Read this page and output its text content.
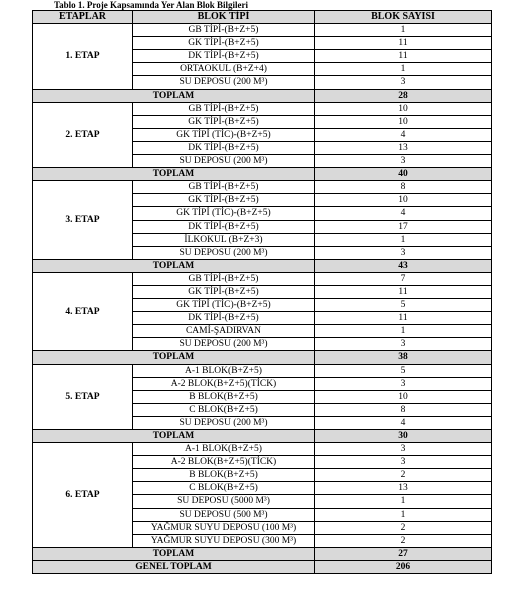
Tablo 1. Proje Kapsamında Yer Alan Blok Bilgileri
ETAPLAR	BLOK TİPİ	BLOK SAYISI
1. ETAP	GB TİPİ-(B+Z+5)	1
	GK TİPİ-(B+Z+5)	11
	DK TİPİ-(B+Z+5)	11
	ORTAOKUL (B+Z+4)	1
	SU DEPOSU (200 M³)	3
TOPLAM		28
2. ETAP	GB TİPİ-(B+Z+5)	10
	GK TİPİ-(B+Z+5)	10
	GK TİPİ (TİC)-(B+Z+5)	4
	DK TİPİ-(B+Z+5)	13
	SU DEPOSU (200 M³)	3
TOPLAM		40
3. ETAP	GB TİPİ-(B+Z+5)	8
	GK TİPİ-(B+Z+5)	10
	GK TİPİ (TİC)-(B+Z+5)	4
	DK TİPİ-(B+Z+5)	17
	İLKOKUL (B+Z+3)	1
	SU DEPOSU (200 M³)	3
TOPLAM		43
4. ETAP	GB TİPİ-(B+Z+5)	7
	GK TİPİ-(B+Z+5)	11
	GK TİPİ (TİC)-(B+Z+5)	5
	DK TİPİ-(B+Z+5)	11
	CAMİ-ŞADIRVAN	1
	SU DEPOSU (200 M³)	3
TOPLAM		38
5. ETAP	A-1 BLOK(B+Z+5)	5
	A-2 BLOK(B+Z+5)(TİCK)	3
	B BLOK(B+Z+5)	10
	C BLOK(B+Z+5)	8
	SU DEPOSU (200 M³)	4
TOPLAM		30
6. ETAP	A-1 BLOK(B+Z+5)	3
	A-2 BLOK(B+Z+5)(TİCK)	3
	B BLOK(B+Z+5)	2
	C BLOK(B+Z+5)	13
	SU DEPOSU (5000 M³)	1
	SU DEPOSU (500 M³)	1
	YAĞMUR SUYU DEPOSU (100 M³)	2
	YAĞMUR SUYU DEPOSU (300 M³)	2
TOPLAM		27
GENEL TOPLAM		206
